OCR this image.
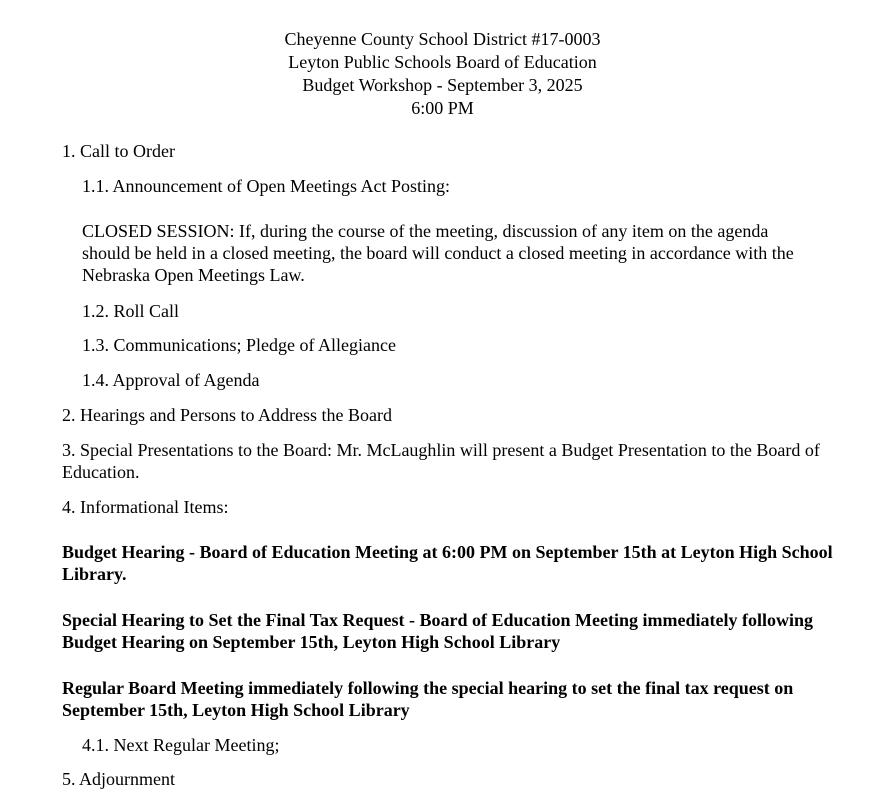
Cheyenne County School District #17-0003
Leyton Public Schools Board of Education
Budget Workshop - September 3, 2025
6:00 PM
1. Call to Order
1.1. Announcement of Open Meetings Act Posting:
CLOSED SESSION: If, during the course of the meeting, discussion of any item on the agenda should be held in a closed meeting, the board will conduct a closed meeting in accordance with the Nebraska Open Meetings Law.
1.2. Roll Call
1.3. Communications; Pledge of Allegiance
1.4. Approval of Agenda
2. Hearings and Persons to Address the Board
3. Special Presentations to the Board: Mr. McLaughlin will present a Budget Presentation to the Board of Education.
4. Informational Items:
Budget Hearing - Board of Education Meeting at 6:00 PM on September 15th at Leyton High School Library.
Special Hearing to Set the Final Tax Request - Board of Education Meeting immediately following Budget Hearing on September 15th, Leyton High School Library
Regular Board Meeting immediately following the special hearing to set the final tax request on September 15th, Leyton High School Library
4.1. Next Regular Meeting;
5. Adjournment
